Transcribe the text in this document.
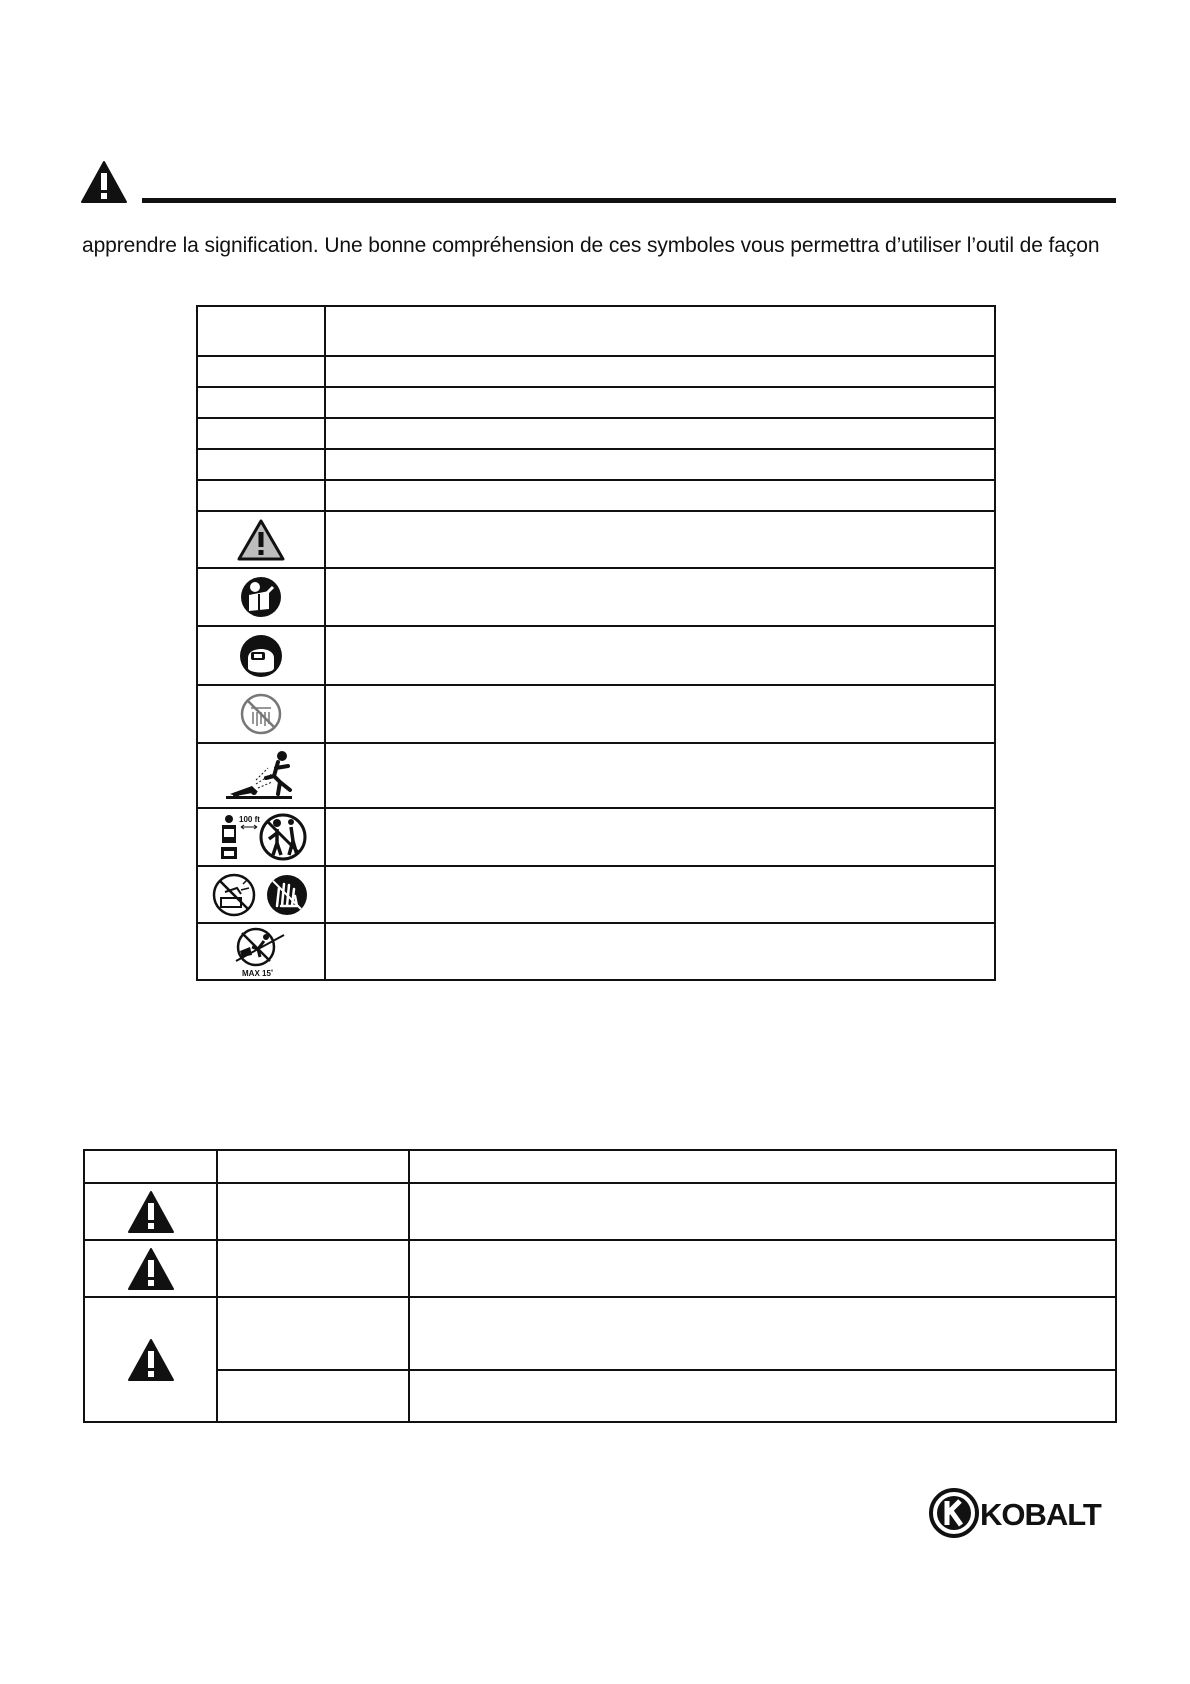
apprendre la signification. Une bonne compréhension de ces symboles vous permettra d’utiliser l’outil de façon

100 ft	

MAX 15˚	

KOBALT
